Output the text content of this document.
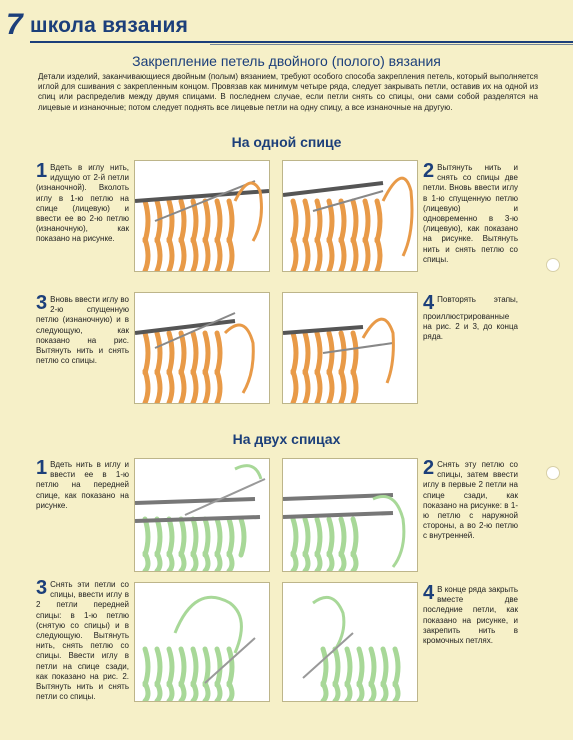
7 школа вязания
Закрепление петель двойного (полого) вязания
Детали изделий, заканчивающиеся двойным (полым) вязанием, требуют особого способа закрепления петель, который выполняется иглой для сшивания с закрепленным концом. Провязав как минимум четыре ряда, следует закрывать петли, оставив их на одной из спиц или распределив между двумя спицами. В последнем случае, если петли снять со спицы, они сами собой разделятся на лицевые и изнаночные; потом следует поднять все лицевые петли на одну спицу, а все изнаночные на другую.
На одной спице
1 Вдеть в иглу нить, идущую от 2-й петли (изнаночной). Вколоть иглу в 1-ю петлю на спице (лицевую) и ввести ее во 2-ю петлю (изнаночную), как показано на рисунке.
2 Вытянуть нить и снять со спицы две петли. Вновь ввести иглу в 1-ю спущенную петлю (лицевую) и одновременно в 3-ю (лицевую), как показано на рисунке. Вытянуть нить и снять петлю со спицы.
3 Вновь ввести иглу во 2-ю спущенную петлю (изнаночную) и в следующую, как показано на рис. Вытянуть нить и снять петлю со спицы.
4 Повторять этапы, проиллюстрированные на рис. 2 и 3, до конца ряда.
На двух спицах
1 Вдеть нить в иглу и ввести ее в 1-ю петлю на передней спице, как показано на рисунке.
2 Снять эту петлю со спицы, затем ввести иглу в первые 2 петли на спице сзади, как показано на рисунке: в 1-ю петлю с наружной стороны, а во 2-ю петлю с внутренней.
3 Снять эти петли со спицы, ввести иглу в 2 петли передней спицы: в 1-ю петлю (снятую со спицы) и в следующую. Вытянуть нить, снять петлю со спицы. Ввести иглу в петли на спице сзади, как показано на рис. 2. Вытянуть нить и снять петли со спицы.
4 В конце ряда закрыть вместе две последние петли, как показано на рисунке, и закрепить нить в кромочных петлях.
